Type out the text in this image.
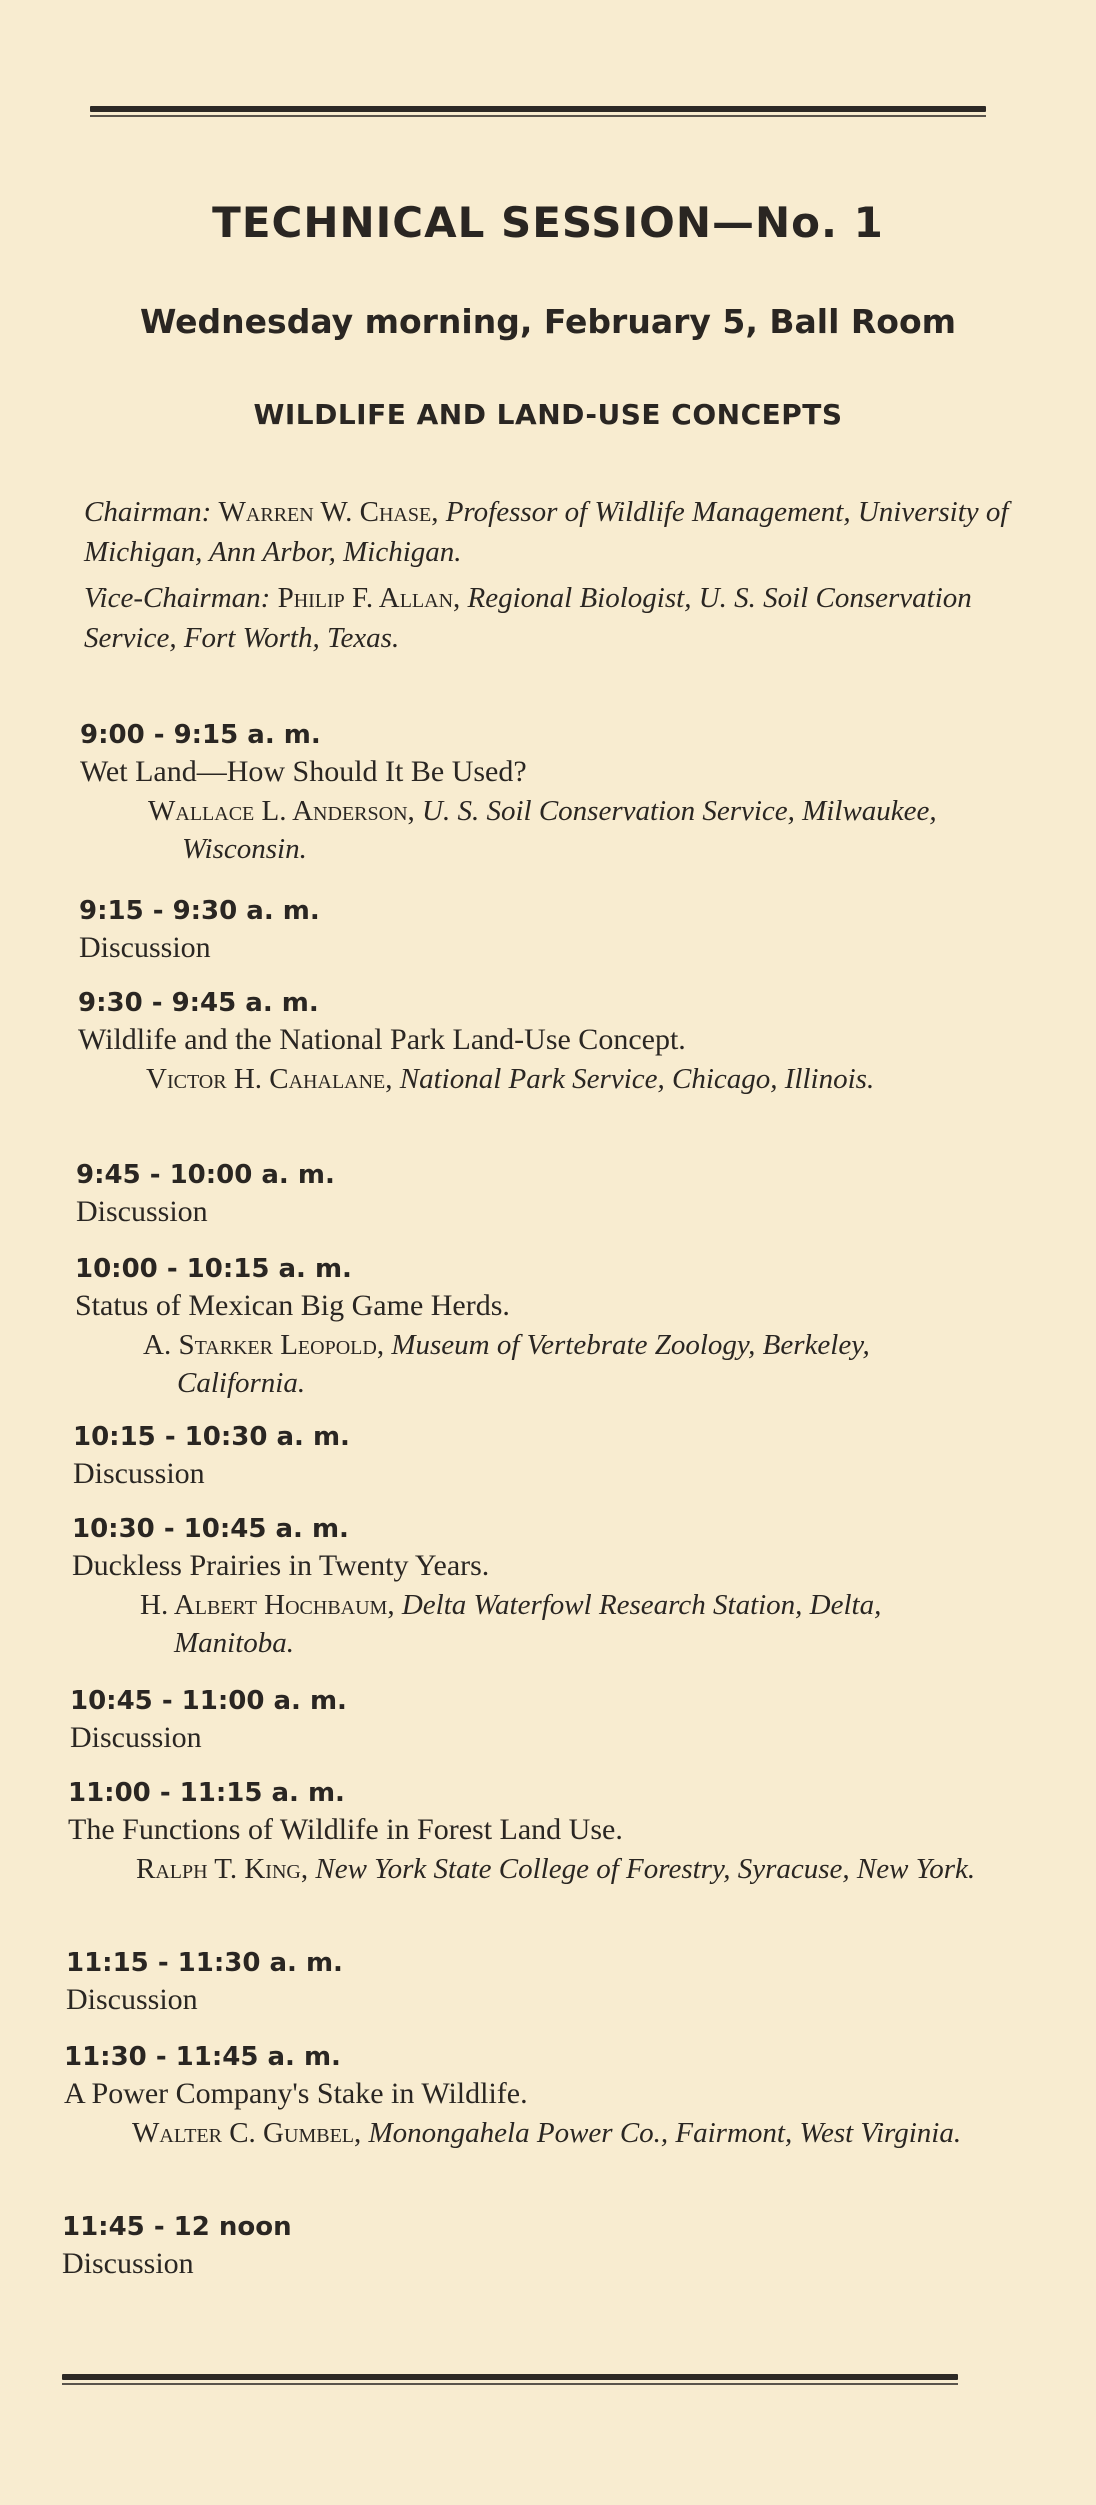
TECHNICAL SESSION—No. 1
Wednesday morning, February 5, Ball Room
WILDLIFE AND LAND-USE CONCEPTS
Chairman: Warren W. Chase, Professor of Wildlife Management, University of Michigan, Ann Arbor, Michigan.
Vice-Chairman: Philip F. Allan, Regional Biologist, U. S. Soil Conservation Service, Fort Worth, Texas.
9:00 - 9:15 a. m.
Wet Land—How Should It Be Used?
Wallace L. Anderson, U. S. Soil Conservation Service, Milwaukee, Wisconsin.
9:15 - 9:30 a. m.
Discussion
9:30 - 9:45 a. m.
Wildlife and the National Park Land-Use Concept.
Victor H. Cahalane, National Park Service, Chicago, Illinois.
9:45 - 10:00 a. m.
Discussion
10:00 - 10:15 a. m.
Status of Mexican Big Game Herds.
A. Starker Leopold, Museum of Vertebrate Zoology, Berkeley, California.
10:15 - 10:30 a. m.
Discussion
10:30 - 10:45 a. m.
Duckless Prairies in Twenty Years.
H. Albert Hochbaum, Delta Waterfowl Research Station, Delta, Manitoba.
10:45 - 11:00 a. m.
Discussion
11:00 - 11:15 a. m.
The Functions of Wildlife in Forest Land Use.
Ralph T. King, New York State College of Forestry, Syracuse, New York.
11:15 - 11:30 a. m.
Discussion
11:30 - 11:45 a. m.
A Power Company's Stake in Wildlife.
Walter C. Gumbel, Monongahela Power Co., Fairmont, West Virginia.
11:45 - 12 noon
Discussion
